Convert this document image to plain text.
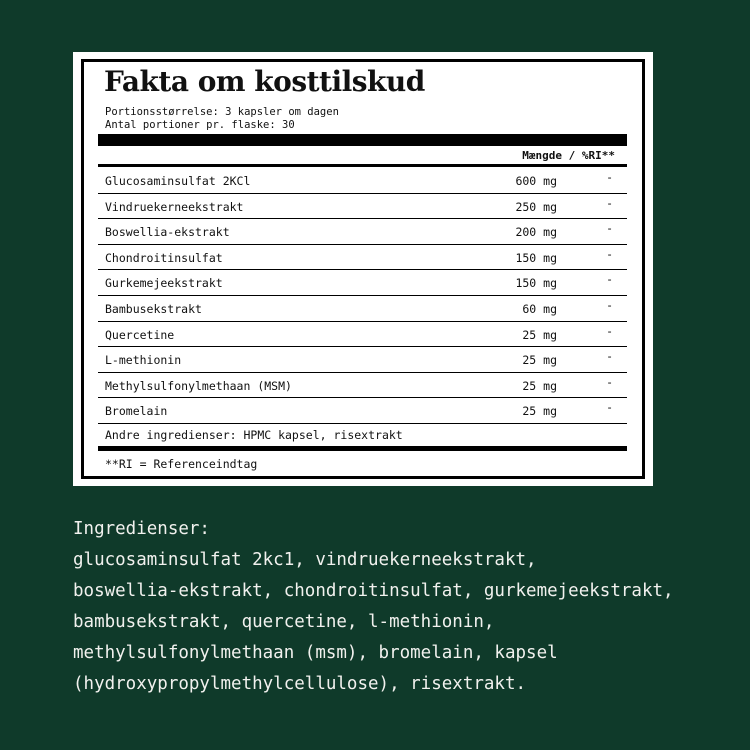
Fakta om kosttilskud
Portionsstørrelse: 3 kapsler om dagen
Antal portioner pr. flaske: 30
Mængde / %RI**
Glucosaminsulfat 2KCl	600 mg	-
Vindruekerneekstrakt	250 mg	-
Boswellia-ekstrakt	200 mg	-
Chondroitinsulfat	150 mg	-
Gurkemejeekstrakt	150 mg	-
Bambusekstrakt	60 mg	-
Quercetine	25 mg	-
L-methionin	25 mg	-
Methylsulfonylmethaan (MSM)	25 mg	-
Bromelain	25 mg	-
Andre ingredienser: HPMC kapsel, risextrakt
**RI = Referenceindtag
Ingredienser:
glucosaminsulfat 2kc1, vindruekerneekstrakt,
boswellia-ekstrakt, chondroitinsulfat, gurkemejeekstrakt,
bambusekstrakt, quercetine, l-methionin,
methylsulfonylmethaan (msm), bromelain, kapsel
(hydroxypropylmethylcellulose), risextrakt.
